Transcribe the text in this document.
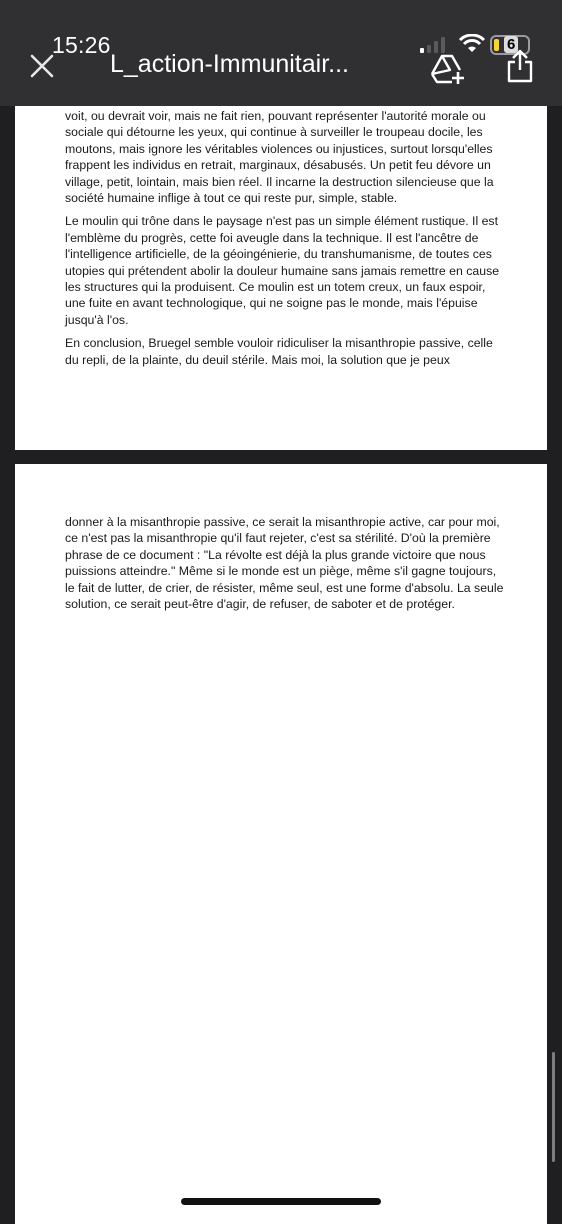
15:26	6
L_action-Immunitair...

voit, ou devrait voir, mais ne fait rien, pouvant représenter l'autorité morale ou sociale qui détourne les yeux, qui continue à surveiller le troupeau docile, les moutons, mais ignore les véritables violences ou injustices, surtout lorsqu'elles frappent les individus en retrait, marginaux, désabusés. Un petit feu dévore un village, petit, lointain, mais bien réel. Il incarne la destruction silencieuse que la société humaine inflige à tout ce qui reste pur, simple, stable.

Le moulin qui trône dans le paysage n'est pas un simple élément rustique. Il est l'emblème du progrès, cette foi aveugle dans la technique. Il est l'ancêtre de l'intelligence artificielle, de la géoingénierie, du transhumanisme, de toutes ces utopies qui prétendent abolir la douleur humaine sans jamais remettre en cause les structures qui la produisent. Ce moulin est un totem creux, un faux espoir, une fuite en avant technologique, qui ne soigne pas le monde, mais l'épuise jusqu'à l'os.

En conclusion, Bruegel semble vouloir ridiculiser la misanthropie passive, celle du repli, de la plainte, du deuil stérile. Mais moi, la solution que je peux

donner à la misanthropie passive, ce serait la misanthropie active, car pour moi, ce n'est pas la misanthropie qu'il faut rejeter, c'est sa stérilité. D'où la première phrase de ce document : "La révolte est déjà la plus grande victoire que nous puissions atteindre." Même si le monde est un piège, même s'il gagne toujours, le fait de lutter, de crier, de résister, même seul, est une forme d'absolu. La seule solution, ce serait peut-être d'agir, de refuser, de saboter et de protéger.
